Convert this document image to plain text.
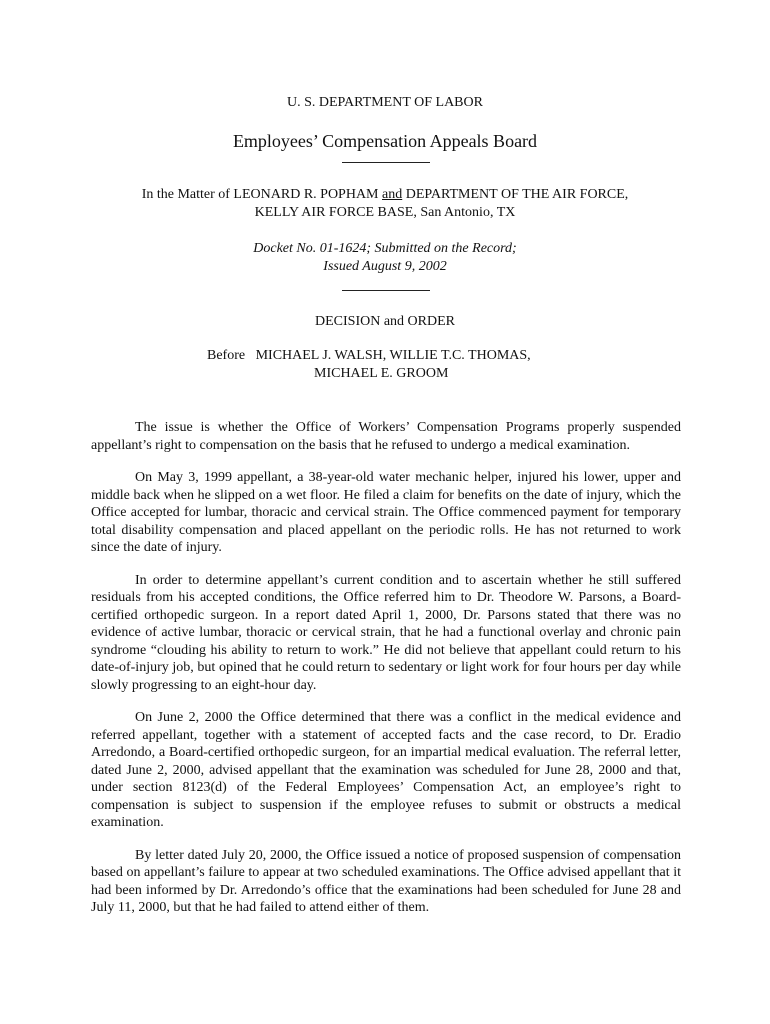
U. S. DEPARTMENT OF LABOR
Employees’ Compensation Appeals Board
In the Matter of LEONARD R. POPHAM and DEPARTMENT OF THE AIR FORCE,
KELLY AIR FORCE BASE, San Antonio, TX
Docket No. 01-1624; Submitted on the Record;
Issued August 9, 2002
DECISION and ORDER
Before   MICHAEL J. WALSH, WILLIE T.C. THOMAS,
MICHAEL E. GROOM

The issue is whether the Office of Workers’ Compensation Programs properly suspended appellant’s right to compensation on the basis that he refused to undergo a medical examination.

On May 3, 1999 appellant, a 38-year-old water mechanic helper, injured his lower, upper and middle back when he slipped on a wet floor. He filed a claim for benefits on the date of injury, which the Office accepted for lumbar, thoracic and cervical strain. The Office commenced payment for temporary total disability compensation and placed appellant on the periodic rolls. He has not returned to work since the date of injury.

In order to determine appellant’s current condition and to ascertain whether he still suffered residuals from his accepted conditions, the Office referred him to Dr. Theodore W. Parsons, a Board-certified orthopedic surgeon. In a report dated April 1, 2000, Dr. Parsons stated that there was no evidence of active lumbar, thoracic or cervical strain, that he had a functional overlay and chronic pain syndrome “clouding his ability to return to work.” He did not believe that appellant could return to his date-of-injury job, but opined that he could return to sedentary or light work for four hours per day while slowly progressing to an eight-hour day.

On June 2, 2000 the Office determined that there was a conflict in the medical evidence and referred appellant, together with a statement of accepted facts and the case record, to Dr. Eradio Arredondo, a Board-certified orthopedic surgeon, for an impartial medical evaluation. The referral letter, dated June 2, 2000, advised appellant that the examination was scheduled for June 28, 2000 and that, under section 8123(d) of the Federal Employees’ Compensation Act, an employee’s right to compensation is subject to suspension if the employee refuses to submit or obstructs a medical examination.

By letter dated July 20, 2000, the Office issued a notice of proposed suspension of compensation based on appellant’s failure to appear at two scheduled examinations. The Office advised appellant that it had been informed by Dr. Arredondo’s office that the examinations had been scheduled for June 28 and July 11, 2000, but that he had failed to attend either of them.
